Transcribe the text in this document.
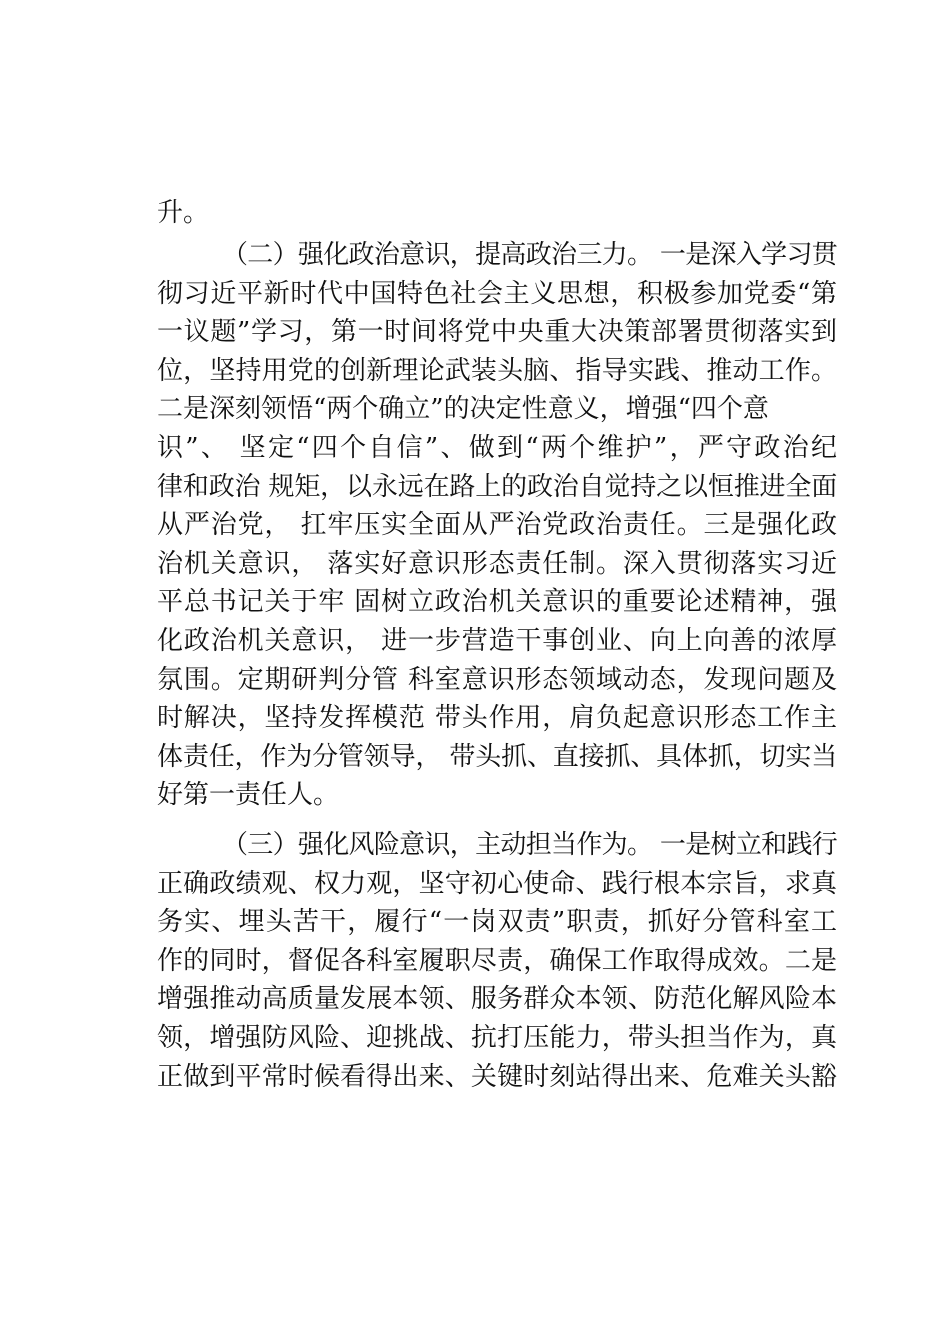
升。
（二）强化政治意识，提高政治三力。 一是深入学习贯
彻习近平新时代中国特色社会主义思想，积极参加党委“第
一议题”学习，第一时间将党中央重大决策部署贯彻落实到
位，坚持用党的创新理论武装头脑、指导实践、推动工作。
二是深刻领悟“两个确立”的决定性意义，增强“四个意
识”、 坚定“四个自信”、做到“两个维护”，严守政治纪
律和政治 规矩，以永远在路上的政治自觉持之以恒推进全面
从严治党， 扛牢压实全面从严治党政治责任。三是强化政
治机关意识， 落实好意识形态责任制。深入贯彻落实习近
平总书记关于牢 固树立政治机关意识的重要论述精神，强
化政治机关意识， 进一步营造干事创业、向上向善的浓厚
氛围。定期研判分管 科室意识形态领域动态，发现问题及
时解决，坚持发挥模范 带头作用，肩负起意识形态工作主
体责任，作为分管领导， 带头抓、直接抓、具体抓，切实当
好第一责任人。
（三）强化风险意识，主动担当作为。 一是树立和践行
正确政绩观、权力观，坚守初心使命、践行根本宗旨，求真
务实、埋头苦干，履行“一岗双责”职责，抓好分管科室工
作的同时，督促各科室履职尽责，确保工作取得成效。二是
增强推动高质量发展本领、服务群众本领、防范化解风险本
领，增强防风险、迎挑战、抗打压能力，带头担当作为，真
正做到平常时候看得出来、关键时刻站得出来、危难关头豁
